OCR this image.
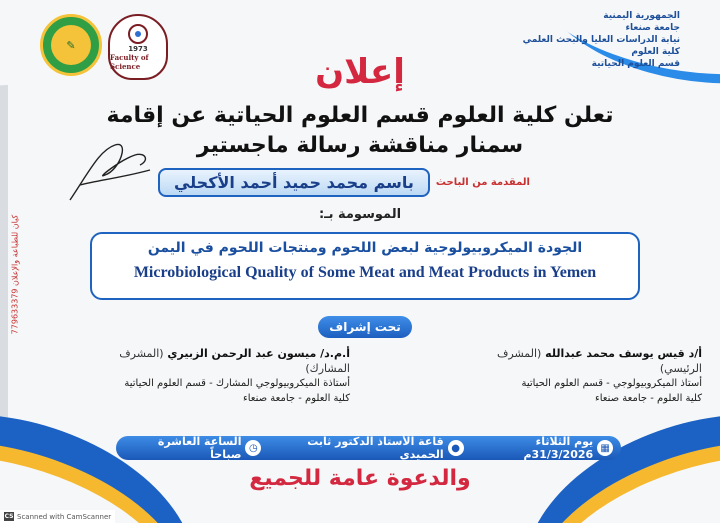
الجمهورية اليمنية
جامعة صنعاء
نيابة الدراسات العليا والبحث العلمي
كلية العلوم
قسم العلوم الحياتية
✎	1973
Faculty of Science	إعلان
تعلن كلية العلوم قسم العلوم الحياتية عن إقامة
سمنار مناقشة رسالة ماجستير
المقدمة من الباحث
باسم محمد حميد أحمد الأكحلي
الموسومة بـ:
الجودة الميكروبيولوجية لبعض اللحوم ومنتجات اللحوم في اليمن
Microbiological Quality of Some Meat and Meat Products in Yemen
تحت إشراف
أ/د قيس يوسف محمد عبدالله (المشرف الرئيسي)
أستاذ الميكروبيولوجي - قسم العلوم الحياتية
كلية العلوم - جامعة صنعاء
أ.م.د/ ميسون عبد الرحمن الزبيري (المشرف المشارك)
أستاذة الميكروبيولوجي المشارك - قسم العلوم الحياتية
كلية العلوم - جامعة صنعاء
▦
يوم الثلاثاء 31/3/2026م
●
قاعة الأستاذ الدكتور ثابت الحميدي
◷
الساعة العاشرة صباحاً
والدعوة عامة للجميع
كيان للطباعة والإعلان 779633379
CS Scanned with CamScanner
